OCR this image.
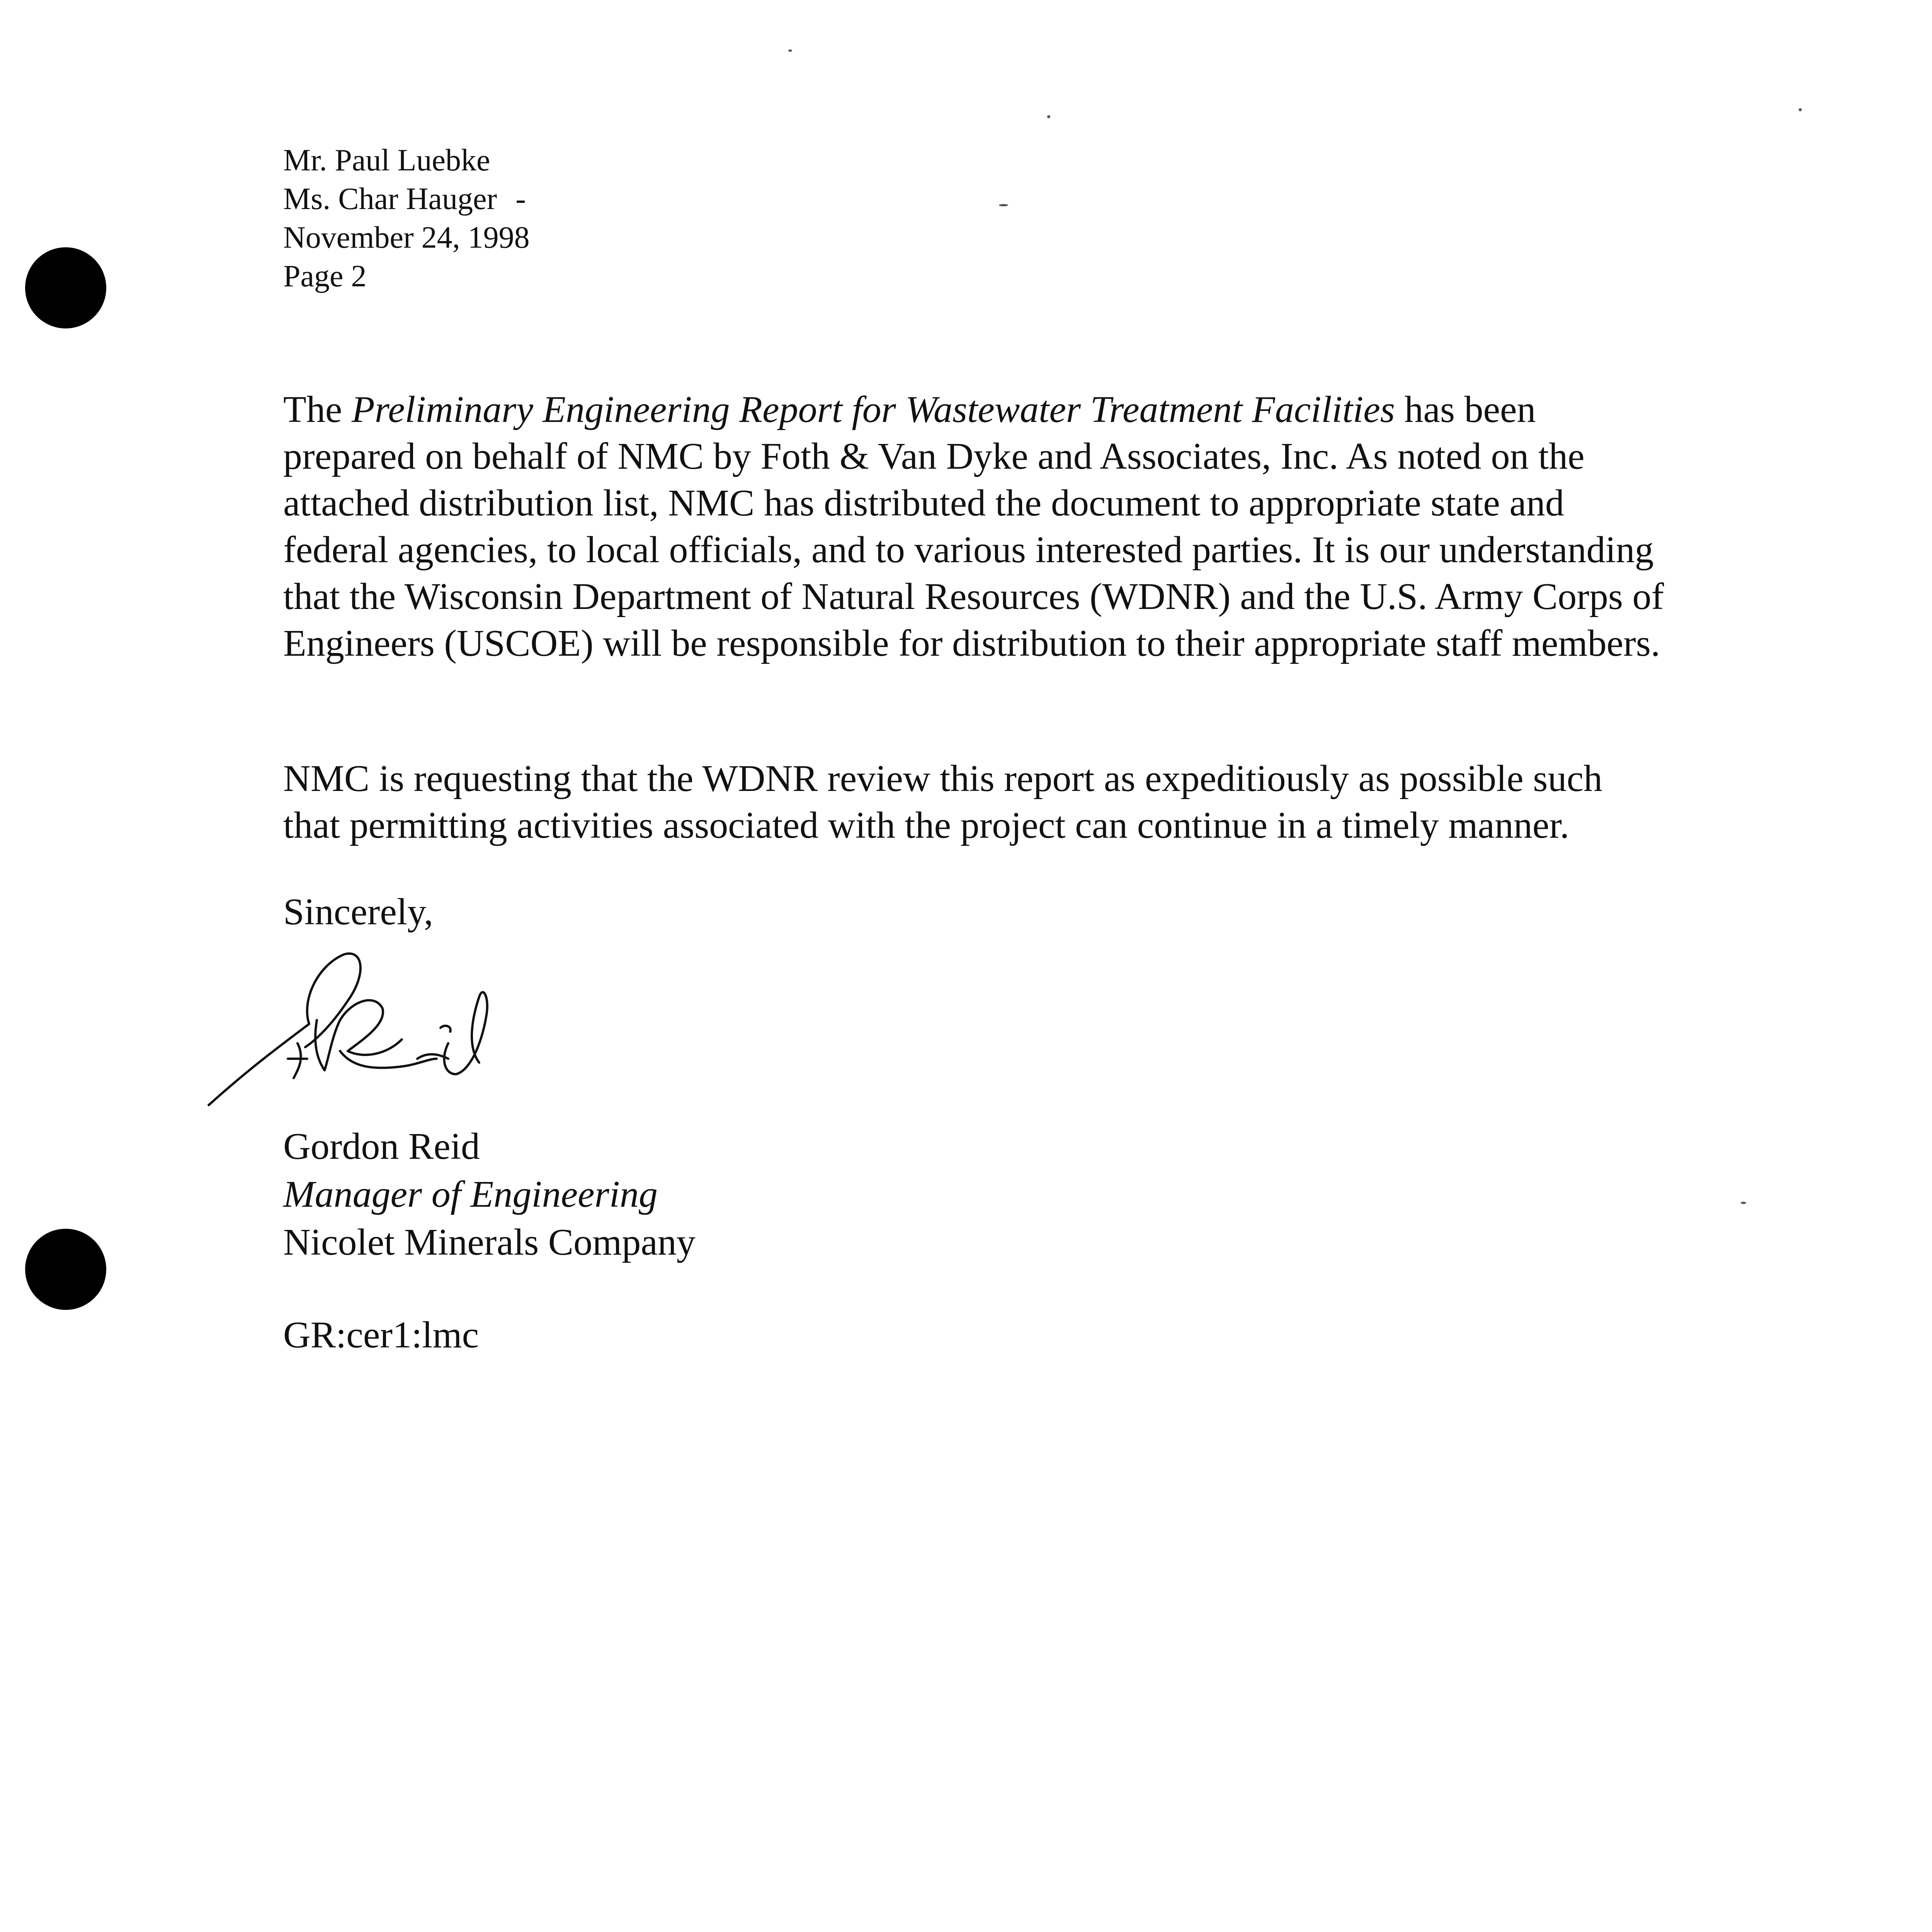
Mr. Paul Luebke
Ms. Char Hauger -
November 24, 1998
Page 2
The Preliminary Engineering Report for Wastewater Treatment Facilities has been prepared on behalf of NMC by Foth & Van Dyke and Associates, Inc. As noted on the attached distribution list, NMC has distributed the document to appropriate state and federal agencies, to local officials, and to various interested parties. It is our understanding that the Wisconsin Department of Natural Resources (WDNR) and the U.S. Army Corps of Engineers (USCOE) will be responsible for distribution to their appropriate staff members.
NMC is requesting that the WDNR review this report as expeditiously as possible such that permitting activities associated with the project can continue in a timely manner.
Sincerely,
Gordon Reid
Manager of Engineering
Nicolet Minerals Company
GR:cer1:lmc
